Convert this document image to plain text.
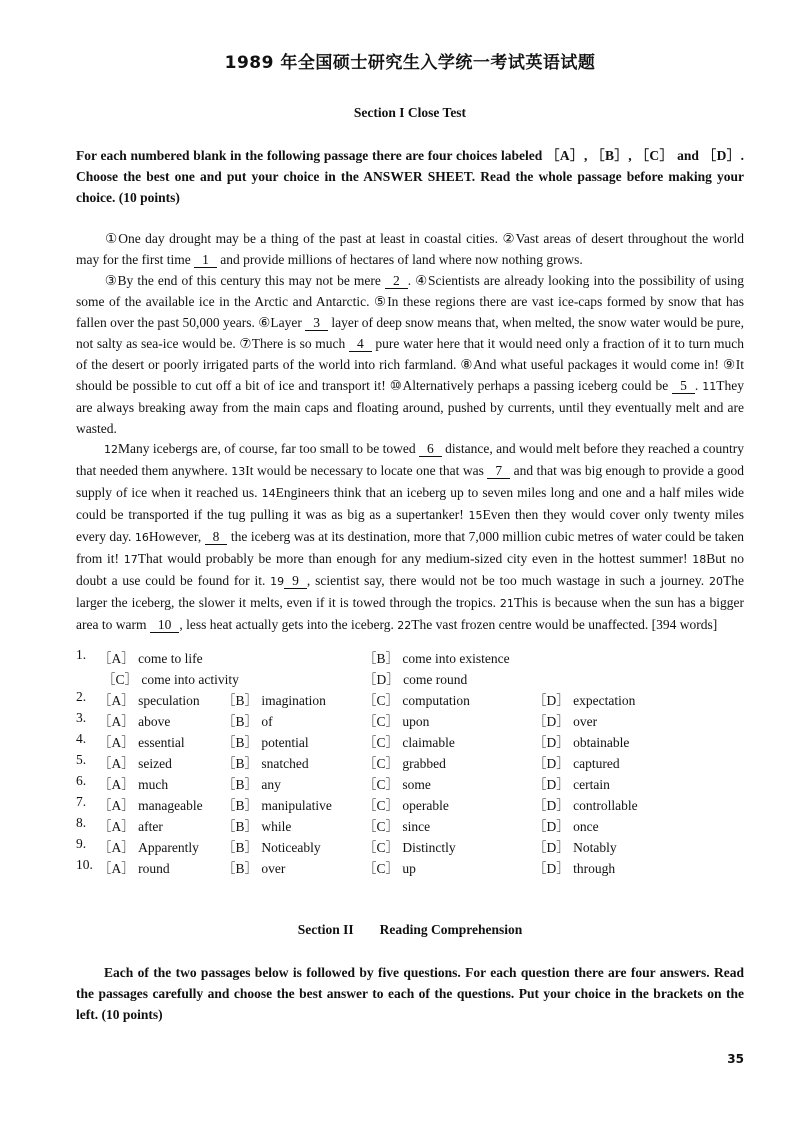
1989 年全国硕士研究生入学统一考试英语试题
Section I Close Test
For each numbered blank in the following passage there are four choices labeled ［A］, ［B］, ［C］ and ［D］. Choose the best one and put your choice in the ANSWER SHEET. Read the whole passage before making your choice. (10 points)
①One day drought may be a thing of the past at least in coastal cities. ②Vast areas of desert throughout the world may for the first time 1 and provide millions of hectares of land where now nothing grows.
③By the end of this century this may not be mere 2 . ④Scientists are already looking into the possibility of using some of the available ice in the Arctic and Antarctic. ⑤In these regions there are vast ice-caps formed by snow that has fallen over the past 50,000 years. ⑥Layer 3 layer of deep snow means that, when melted, the snow water would be pure, not salty as sea-ice would be. ⑦There is so much 4 pure water here that it would need only a fraction of it to turn much of the desert or poorly irrigated parts of the world into rich farmland. ⑧And what useful packages it would come in! ⑨It should be possible to cut off a bit of ice and transport it! ⑩Alternatively perhaps a passing iceberg could be 5 . 11They are always breaking away from the main caps and floating around, pushed by currents, until they eventually melt and are wasted.
12Many icebergs are, of course, far too small to be towed 6 distance, and would melt before they reached a country that needed them anywhere. 13It would be necessary to locate one that was 7 and that was big enough to provide a good supply of ice when it reached us. 14Engineers think that an iceberg up to seven miles long and one and a half miles wide could be transported if the tug pulling it was as big as a supertanker! 15Even then they would cover only twenty miles every day. 16However, 8 the iceberg was at its destination, more that 7,000 million cubic metres of water could be taken from it! 17That would probably be more than enough for any medium-sized city even in the hottest summer! 18But no doubt a use could be found for it. 19 9 , scientist say, there would not be too much wastage in such a journey. 20The larger the iceberg, the slower it melts, even if it is towed through the tropics. 21This is because when the sun has a bigger area to warm 10 , less heat actually gets into the iceberg. 22The vast frozen centre would be unaffected. [394 words]
1. ［A］ come to life	［B］ come into existence
［C］ come into activity	［D］ come round
2. ［A］ speculation ［B］ imagination	［C］ computation	［D］ expectation
3. ［A］ above	［B］ of	［C］ upon	［D］ over
4. ［A］ essential	［B］ potential	［C］ claimable	［D］ obtainable
5. ［A］ seized	［B］ snatched	［C］ grabbed	［D］ captured
6. ［A］ much	［B］ any	［C］ some	［D］ certain
7. ［A］ manageable ［B］ manipulative ［C］ operable	［D］ controllable
8. ［A］ after	［B］ while	［C］ since	［D］ once
9. ［A］ Apparently ［B］ Noticeably	［C］ Distinctly	［D］ Notably
10. ［A］ round	［B］ over	［C］ up	［D］ through
Section II Reading Comprehension
Each of the two passages below is followed by five questions. For each question there are four answers. Read the passages carefully and choose the best answer to each of the questions. Put your choice in the brackets on the left. (10 points)
35
